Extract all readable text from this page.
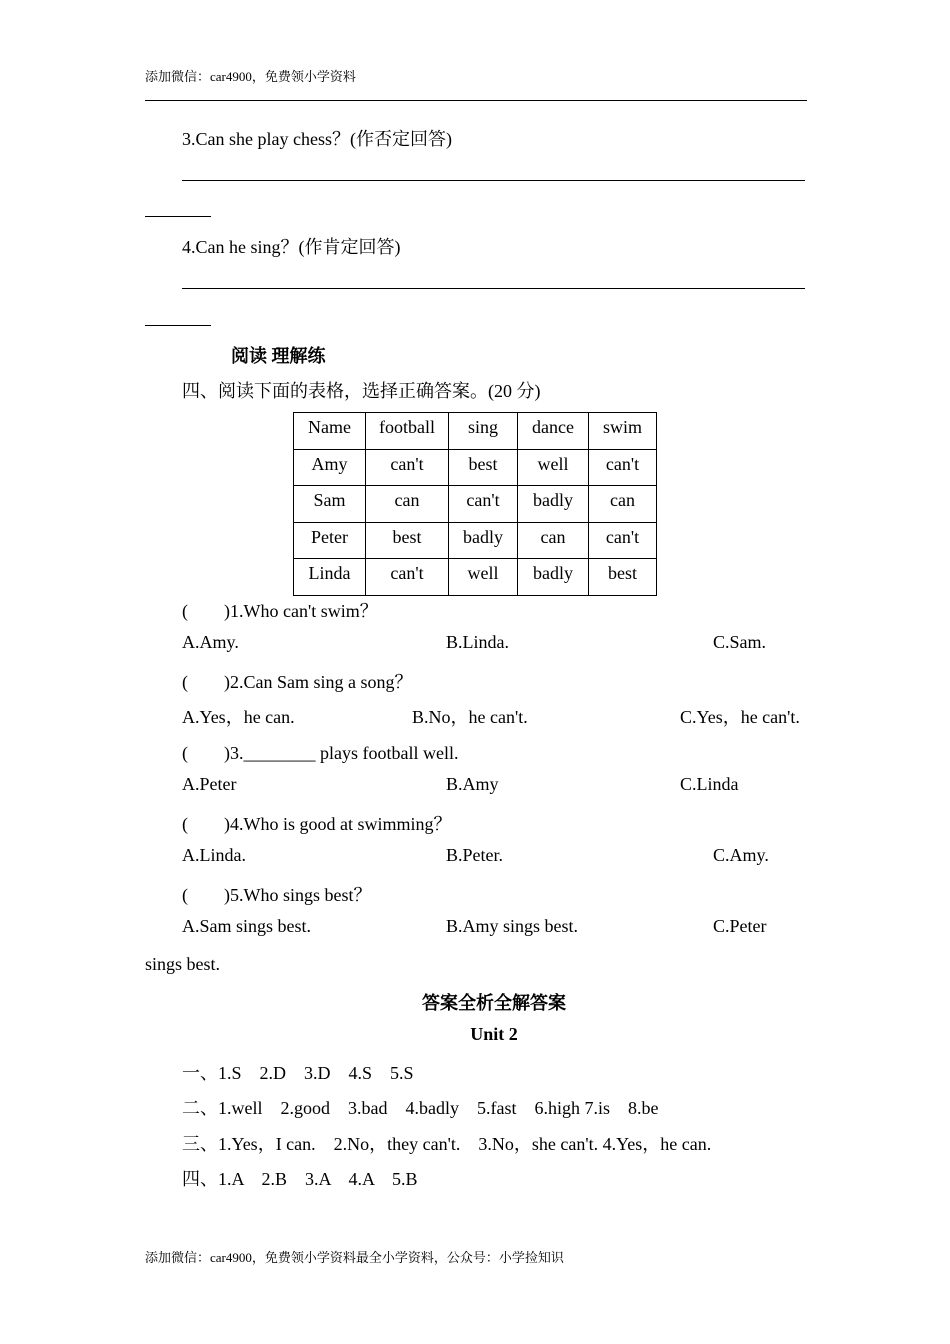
添加微信：car4900，免费领小学资料
3.Can she play chess？(作否定回答)
4.Can he sing？(作肯定回答)
阅读 理解练
四、阅读下面的表格，选择正确答案。(20 分)
Name	football	sing	dance	swim
Amy	can't	best	well	can't
Sam	can	can't	badly	can
Peter	best	badly	can	can't
Linda	can't	well	badly	best
(　　)1.Who can't swim？
A.Amy.	B.Linda.	C.Sam.
(　　)2.Can Sam sing a song？
A.Yes，he can.	B.No，he can't.	C.Yes，he can't.
(　　)3.________ plays football well.
A.Peter	B.Amy	C.Linda
(　　)4.Who is good at swimming？
A.Linda.	B.Peter.	C.Amy.
(　　)5.Who sings best？
A.Sam sings best.	B.Amy sings best.	C.Peter
sings best.
答案全析全解答案
Unit 2
一、1.S　2.D　3.D　4.S　5.S
二、1.well　2.good　3.bad　4.badly　5.fast　6.high 7.is　8.be
三、1.Yes，I can.　2.No，they can't.　3.No，she can't. 4.Yes，he can.
四、1.A　2.B　3.A　4.A　5.B
添加微信：car4900，免费领小学资料最全小学资料，公众号：小学捡知识
